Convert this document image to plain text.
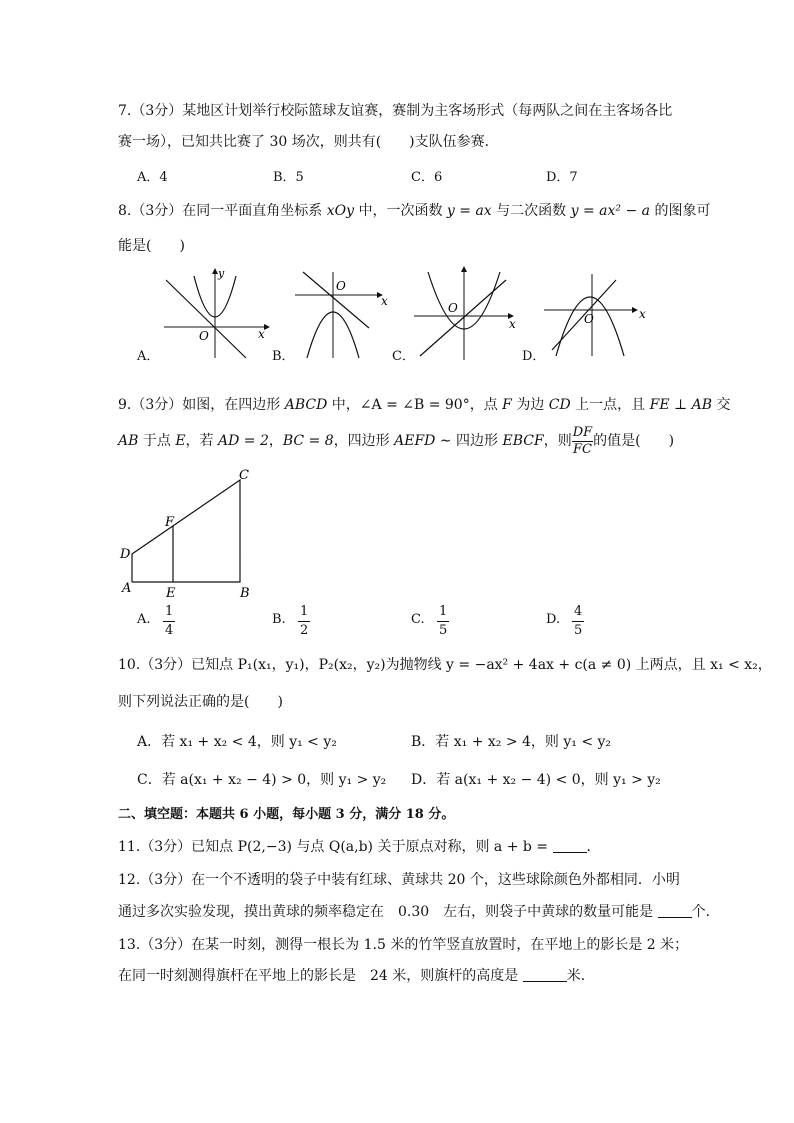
7.（3分）某地区计划举行校际篮球友谊赛，赛制为主客场形式（每两队之间在主客场各比
赛一场），已知共比赛了 30 场次，则共有(　　)支队伍参赛．
A．4	B．5	C．6	D．7
8.（3分）在同一平面直角坐标系 xOy 中，一次函数 y = ax 与二次函数 y = ax² − a 的图象可
能是(　　)
A．
O	x
y
B．
O
x
C．
O
x
D．
O	x
9.（3分）如图，在四边形 ABCD 中，∠A = ∠B = 90°，点 F 为边 CD 上一点，且 FE ⊥ AB 交
AB 于点 E，若 AD = 2，BC = 8，四边形 AEFD ∼ 四边形 EBCF，则 $\frac{DF}{FC}$ 的值是(　　)
A	B
C
D
E
F
A.
1
4
B.
1
2
C.
1
5
D.
4
5
10.（3分）已知点 P₁(x₁，y₁)，P₂(x₂，y₂)为抛物线 y = −ax² + 4ax + c(a ≠ 0) 上两点，且 x₁ < x₂，
则下列说法正确的是(　　)
A．若 x₁ + x₂ < 4，则 y₁ < y₂	B．若 x₁ + x₂ > 4，则 y₁ < y₂
C．若 a(x₁ + x₂ − 4) > 0，则 y₁ > y₂ D．若 a(x₁ + x₂ − 4) < 0，则 y₁ > y₂
二、填空题：本题共 6 小题，每小题 3 分，满分 18 分。
11.（3分）已知点 P(2,−3) 与点 Q(a,b) 关于原点对称，则 a + b = ．
12.（3分）在一个不透明的袋子中装有红球、黄球共 20 个，这些球除颜色外都相同．小明
通过多次实验发现，摸出黄球的频率稳定在　0.30　左右，则袋子中黄球的数量可能是 个．
13.（3分）在某一时刻，测得一根长为 1.5 米的竹竿竖直放置时，在平地上的影长是 2 米；
在同一时刻测得旗杆在平地上的影长是　24 米，则旗杆的高度是	米．
